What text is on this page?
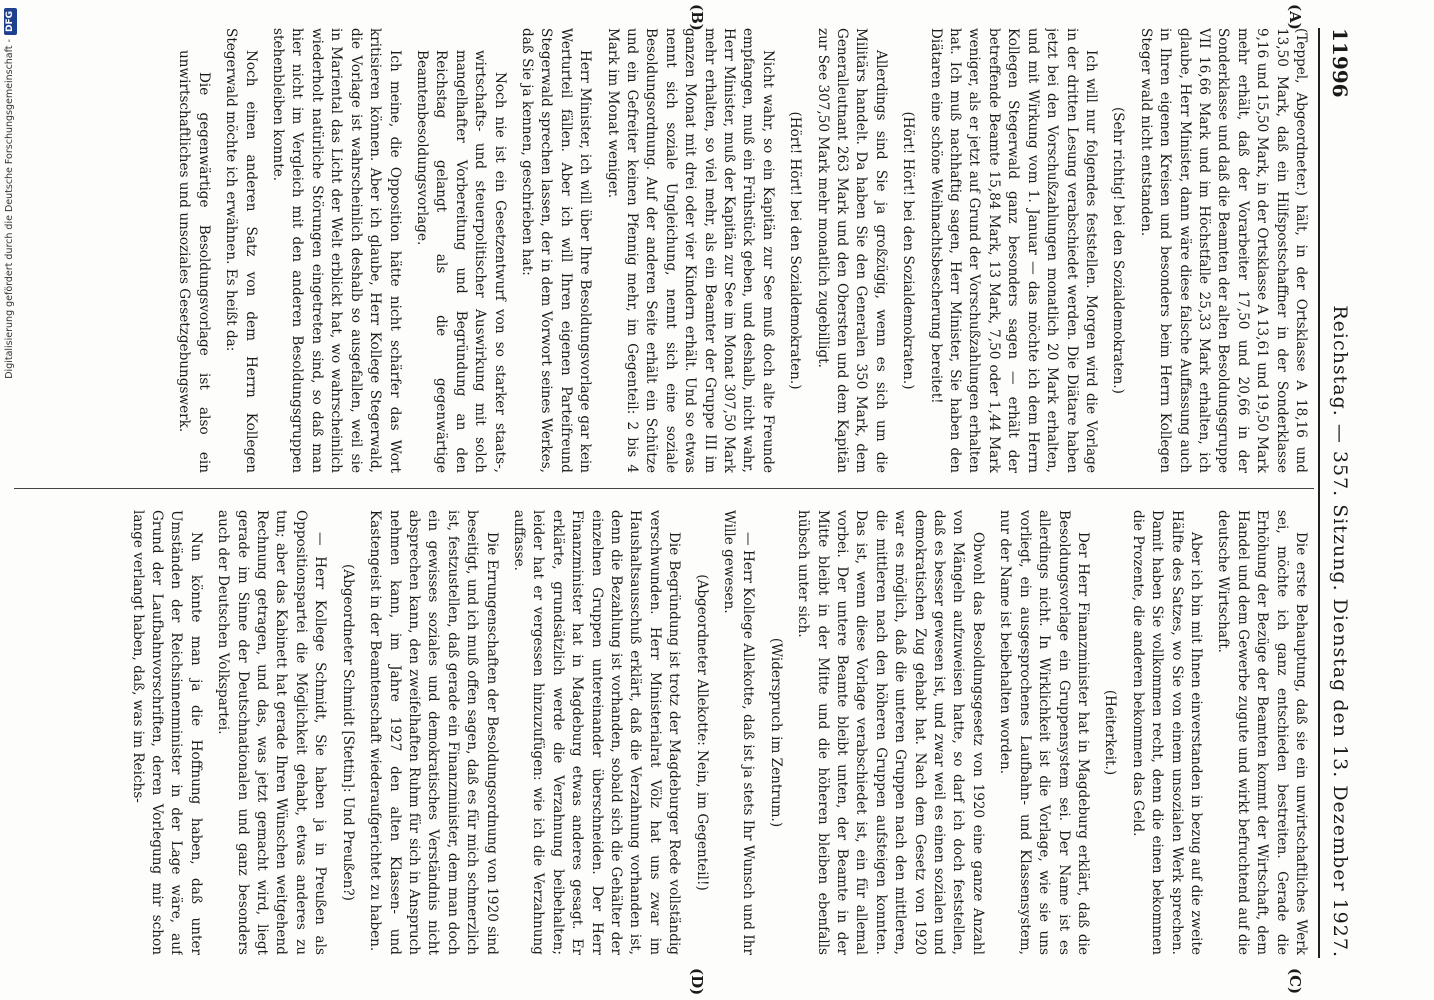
11996
Reichstag. — 357. Sitzung. Dienstag den 13. Dezember 1927.
(A)
(B)
(C)
(D)

(Teppel, Abgeordneter.) hält, in der Ortsklasse A 18,16 und 13,50 Mark, daß ein Hilfspostschaffner in der Sonderklasse 9,16 und 15,50 Mark, in der Ortsklasse A 13,61 und 19,50 Mark mehr erhält, daß der Vorarbeiter 17,50 und 20,66 in der Sonderklasse und daß die Beamten der alten Besoldungsgruppe VII 16,66 Mark und im Höchstfalle 25,33 Mark erhalten, ich glaube, Herr Minister, dann wäre diese falsche Auffassung auch in Ihren eigenen Kreisen und besonders beim Herrn Kollegen Steger wald nicht entstanden.

(Sehr richtig! bei den Sozialdemokraten.)

Ich will nur folgendes feststellen. Morgen wird die Vorlage in der dritten Lesung verabschiedet werden. Die Diätare haben jetzt bei den Vorschußzahlungen monatlich 20 Mark erhalten, und mit Wirkung vom 1. Januar — das möchte ich dem Herrn Kollegen Stegerwald ganz besonders sagen — erhält der betreffende Beamte 15,84 Mark, 13 Mark, 7,50 oder 1,44 Mark weniger, als er jetzt auf Grund der Vorschußzahlungen erhalten hat. Ich muß nachhaftig sagen, Herr Minister, Sie haben den Diätaren eine schöne Weihnachtsbescherung bereitet!

(Hört! Hört! bei den Sozialdemokraten.)

Allerdings sind Sie ja großzügig, wenn es sich um die Militärs handelt. Da haben Sie den Generalen 350 Mark, dem Generalleutnant 263 Mark und den Obersten und dem Kapitän zur See 307,50 Mark mehr monatlich zugebilligt.

(Hört! Hört! bei den Sozialdemokraten.)

Nicht wahr, so ein Kapitän zur See muß doch alte Freunde empfangen, muß ein Frühstück geben, und deshalb, nicht wahr, Herr Minister, muß der Kapitän zur See im Monat 307,50 Mark mehr erhalten, so viel mehr, als ein Beamter der Gruppe III im ganzen Monat mit drei oder vier Kindern erhält. Und so etwas nennt sich soziale Ungleichung, nennt sich eine soziale Besoldungsordnung. Auf der anderen Seite erhält ein Schütze und ein Gefreiter keinen Pfennig mehr, im Gegenteil: 2 bis 4 Mark im Monat weniger.

Herr Minister, ich will über Ihre Besoldungsvorlage gar kein Werturteil fällen. Aber ich will Ihren eigenen Parteifreund Stegerwald sprechen lassen, der in dem Vorwort seines Werkes, daß Sie ja kennen, geschrieben hat:

Noch nie ist ein Gesetzentwurf von so starker staats-, wirtschafts- und steuerpolitischer Auswirkung mit solch mangelhafter Vorbereitung und Begründung an den Reichstag gelangt als die gegenwärtige Beamtenbesoldungsvorlage.

Ich meine, die Opposition hätte nicht schärfer das Wort kritisieren können. Aber ich glaube, Herr Kollege Stegerwald, die Vorlage ist wahrscheinlich deshalb so ausgefallen, weil sie in Mariental das Licht der Welt erblickt hat, wo wahrscheinlich wiederholt natürliche Störungen eingetreten sind, so daß man hier nicht im Vergleich mit den anderen Besoldungsgruppen stehenbleiben konnte.

Noch einen anderen Satz von dem Herrn Kollegen Stegerwald möchte ich erwähnen. Es heißt da:

Die gegenwärtige Besoldungsvorlage ist also ein unwirtschaftliches und unsoziales Gesetzgebungswerk.

Die erste Behauptung, daß sie ein unwirtschaftliches Werk sei, möchte ich ganz entschieden bestreiten. Gerade die Erhöhung der Bezüge der Beamten kommt der Wirtschaft, dem Handel und dem Gewerbe zugute und wirkt befruchtend auf die deutsche Wirtschaft.

Aber ich bin mit Ihnen einverstanden in bezug auf die zweite Hälfte des Satzes, wo Sie von einem unsozialen Werk sprechen. Damit haben Sie vollkommen recht, denn die einen bekommen die Prozente, die anderen bekommen das Geld.

(Heiterkeit.)

Der Herr Finanzminister hat in Magdeburg erklärt, daß die Besoldungsvorlage ein Gruppensystem sei. Der Name ist es allerdings nicht. In Wirklichkeit ist die Vorlage, wie sie uns vorliegt, ein ausgesprochenes Laufbahn- und Klassensystem, nur der Name ist beibehalten worden.

Obwohl das Besoldungsgesetz von 1920 eine ganze Anzahl von Mängeln aufzuweisen hatte, so darf ich doch feststellen, daß es besser gewesen ist, und zwar weil es einen sozialen und demokratischen Zug gehabt hat. Nach dem Gesetz von 1920 war es möglich, daß die unteren Gruppen nach den mittleren, die mittleren nach den höheren Gruppen aufsteigen konnten. Das ist, wenn diese Vorlage verabschiedet ist, ein für allemal vorbei. Der untere Beamte bleibt unten, der Beamte in der Mitte bleibt in der Mitte und die höheren bleiben ebenfalls hübsch unter sich.

(Widerspruch im Zentrum.)

— Herr Kollege Allekotte, daß ist ja stets Ihr Wunsch und Ihr Wille gewesen.

(Abgeordneter Allekotte: Nein, im Gegenteil!)

Die Begründung ist trotz der Magdeburger Rede vollständig verschwunden. Herr Ministerialrat Völz hat uns zwar im Haushaltsausschuß erklärt, daß die Verzahnung vorhanden ist, denn die Bezahlung ist vorhanden, sobald sich die Gehälter der einzelnen Gruppen untereinander überschneiden. Der Herr Finanzminister hat in Magdeburg etwas anderes gesagt. Er erklärte, grundsätzlich werde die Verzahnung beibehalten; leider hat er vergessen hinzuzufügen: wie ich die Verzahnung auffasse.

Die Errungenschaften der Besoldungsordnung von 1920 sind beseitigt, und ich muß offen sagen, daß es für mich schmerzlich ist, festzustellen, daß gerade ein Finanzminister, dem man doch ein gewisses soziales und demokratisches Verständnis nicht absprechen kann, den zweifelhaften Ruhm für sich in Anspruch nehmen kann, im Jahre 1927 den alten Klassen- und Kastengeist in der Beamtenschaft wiederaufgerichtet zu haben.

(Abgeordneter Schmidt [Stettin]: Und Preußen?)

— Herr Kollege Schmidt, Sie haben ja in Preußen als Oppositionspartei die Möglichkeit gehabt, etwas anderes zu tun; aber das Kabinett hat gerade Ihren Wünschen weitgehend Rechnung getragen, und das, was jetzt gemacht wird, liegt gerade im Sinne der Deutschnationalen und ganz besonders auch der Deutschen Volkspartei.

Nun könnte man ja die Hoffnung haben, daß unter Umständen der Reichsinnenminister in der Lage wäre, auf Grund der Laufbahnvorschriften, deren Vorlegung mir schon lange verlangt haben, daß, was im Reichs-

Digitalisierung gefördert durch die Deutsche Forschungsgemeinschaft -
DFG
